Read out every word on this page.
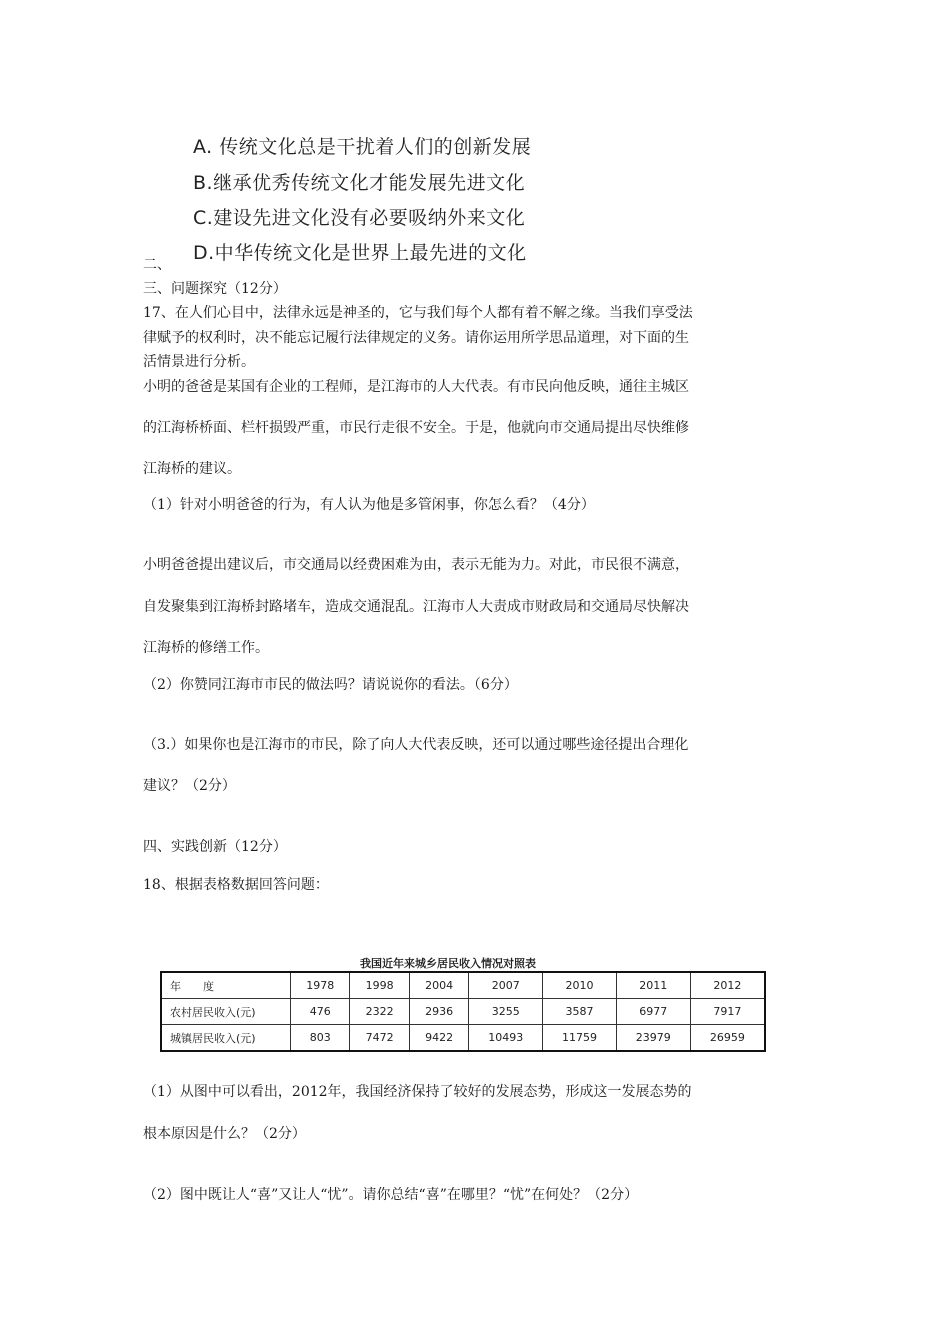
A. 传统文化总是干扰着人们的创新发展
B.继承优秀传统文化才能发展先进文化
C.建设先进文化没有必要吸纳外来文化
二、
D.中华传统文化是世界上最先进的文化
三、问题探究（12分）
17、在人们心目中，法律永远是神圣的，它与我们每个人都有着不解之缘。当我们享受法
律赋予的权利时，决不能忘记履行法律规定的义务。请你运用所学思品道理，对下面的生
活情景进行分析。
小明的爸爸是某国有企业的工程师，是江海市的人大代表。有市民向他反映，通往主城区
的江海桥桥面、栏杆损毁严重，市民行走很不安全。于是，他就向市交通局提出尽快维修
江海桥的建议。
（1）针对小明爸爸的行为，有人认为他是多管闲事，你怎么看？（4分）
小明爸爸提出建议后，市交通局以经费困难为由，表示无能为力。对此，市民很不满意，
自发聚集到江海桥封路堵车，造成交通混乱。江海市人大责成市财政局和交通局尽快解决
江海桥的修缮工作。
（2）你赞同江海市市民的做法吗？请说说你的看法。（6分）
（3.）如果你也是江海市的市民，除了向人大代表反映，还可以通过哪些途径提出合理化
建议？（2分）
四、实践创新（12分）
18、根据表格数据回答问题：
我国近年来城乡居民收入情况对照表
年　　度	1978	1998	2004	2007	2010	2011	2012
农村居民收入(元)	476	2322	2936	3255	3587	6977	7917
城镇居民收入(元)	803	7472	9422	10493	11759	23979	26959
（1）从图中可以看出，2012年，我国经济保持了较好的发展态势，形成这一发展态势的
根本原因是什么？（2分）
（2）图中既让人“喜”又让人“忧”。请你总结“喜”在哪里？“忧”在何处？（2分）
